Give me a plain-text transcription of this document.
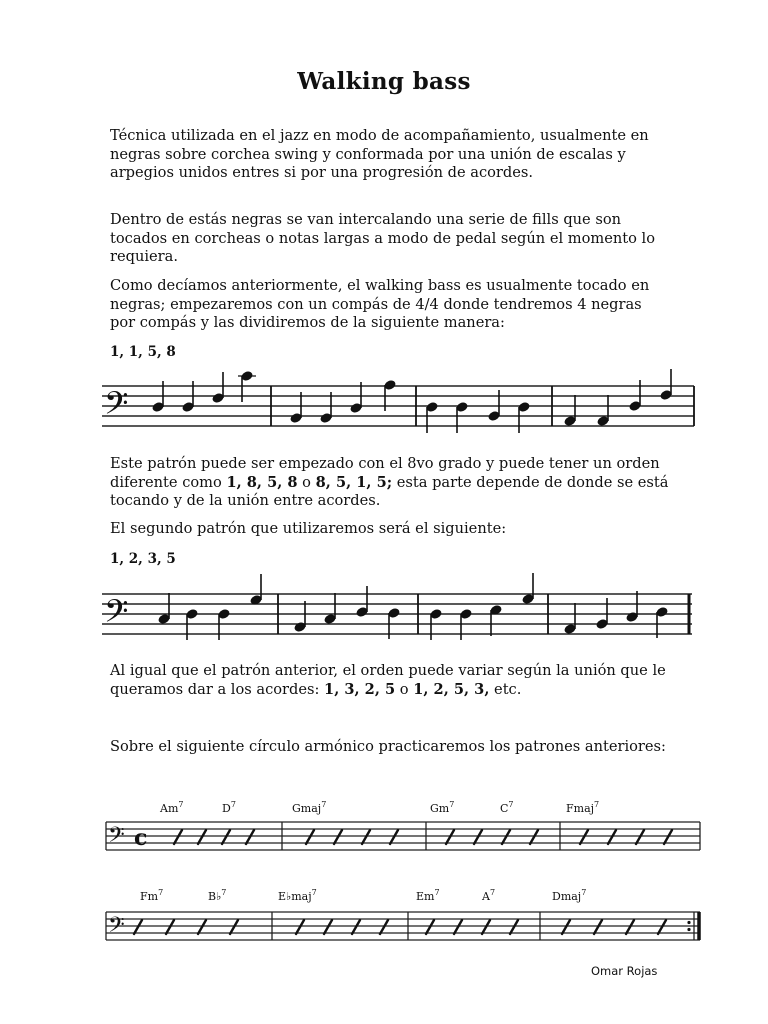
Walking bass
Técnica utilizada en el jazz en modo de acompañamiento, usualmente en negras sobre corchea swing y conformada por una unión de escalas y arpegios unidos entres si por una progresión de acordes.
Dentro de estás negras se van intercalando una serie de fills que son tocados en corcheas o notas largas a modo de pedal según el momento lo requiera.
Como decíamos anteriormente, el walking bass es usualmente tocado en negras; empezaremos con un compás de 4/4 donde tendremos 4 negras por compás y las dividiremos de la siguiente manera:
1, 1, 5, 8
𝄢
Este patrón puede ser empezado con el 8vo grado y puede tener un orden diferente como 1, 8, 5, 8 o 8, 5, 1, 5; esta parte depende de donde se está tocando y de la unión entre acordes.
El segundo patrón que utilizaremos será el siguiente:
1, 2, 3, 5
𝄢
Al igual que el patrón anterior, el orden puede variar según la unión que le queramos dar a los acordes: 1, 3, 2, 5 o 1, 2, 5, 3, etc.
Sobre el siguiente círculo armónico practicaremos los patrones anteriores:
Am$^7$	$D^7$	Gmaj$^7$	Gm$^7$	$C^7$	Fmaj$^7$
𝄢 c
Fm$^7$	B♭$^7$	E♭maj$^7$	Em$^7$	$A^7$	Dmaj$^7$
𝄢
Omar Rojas
